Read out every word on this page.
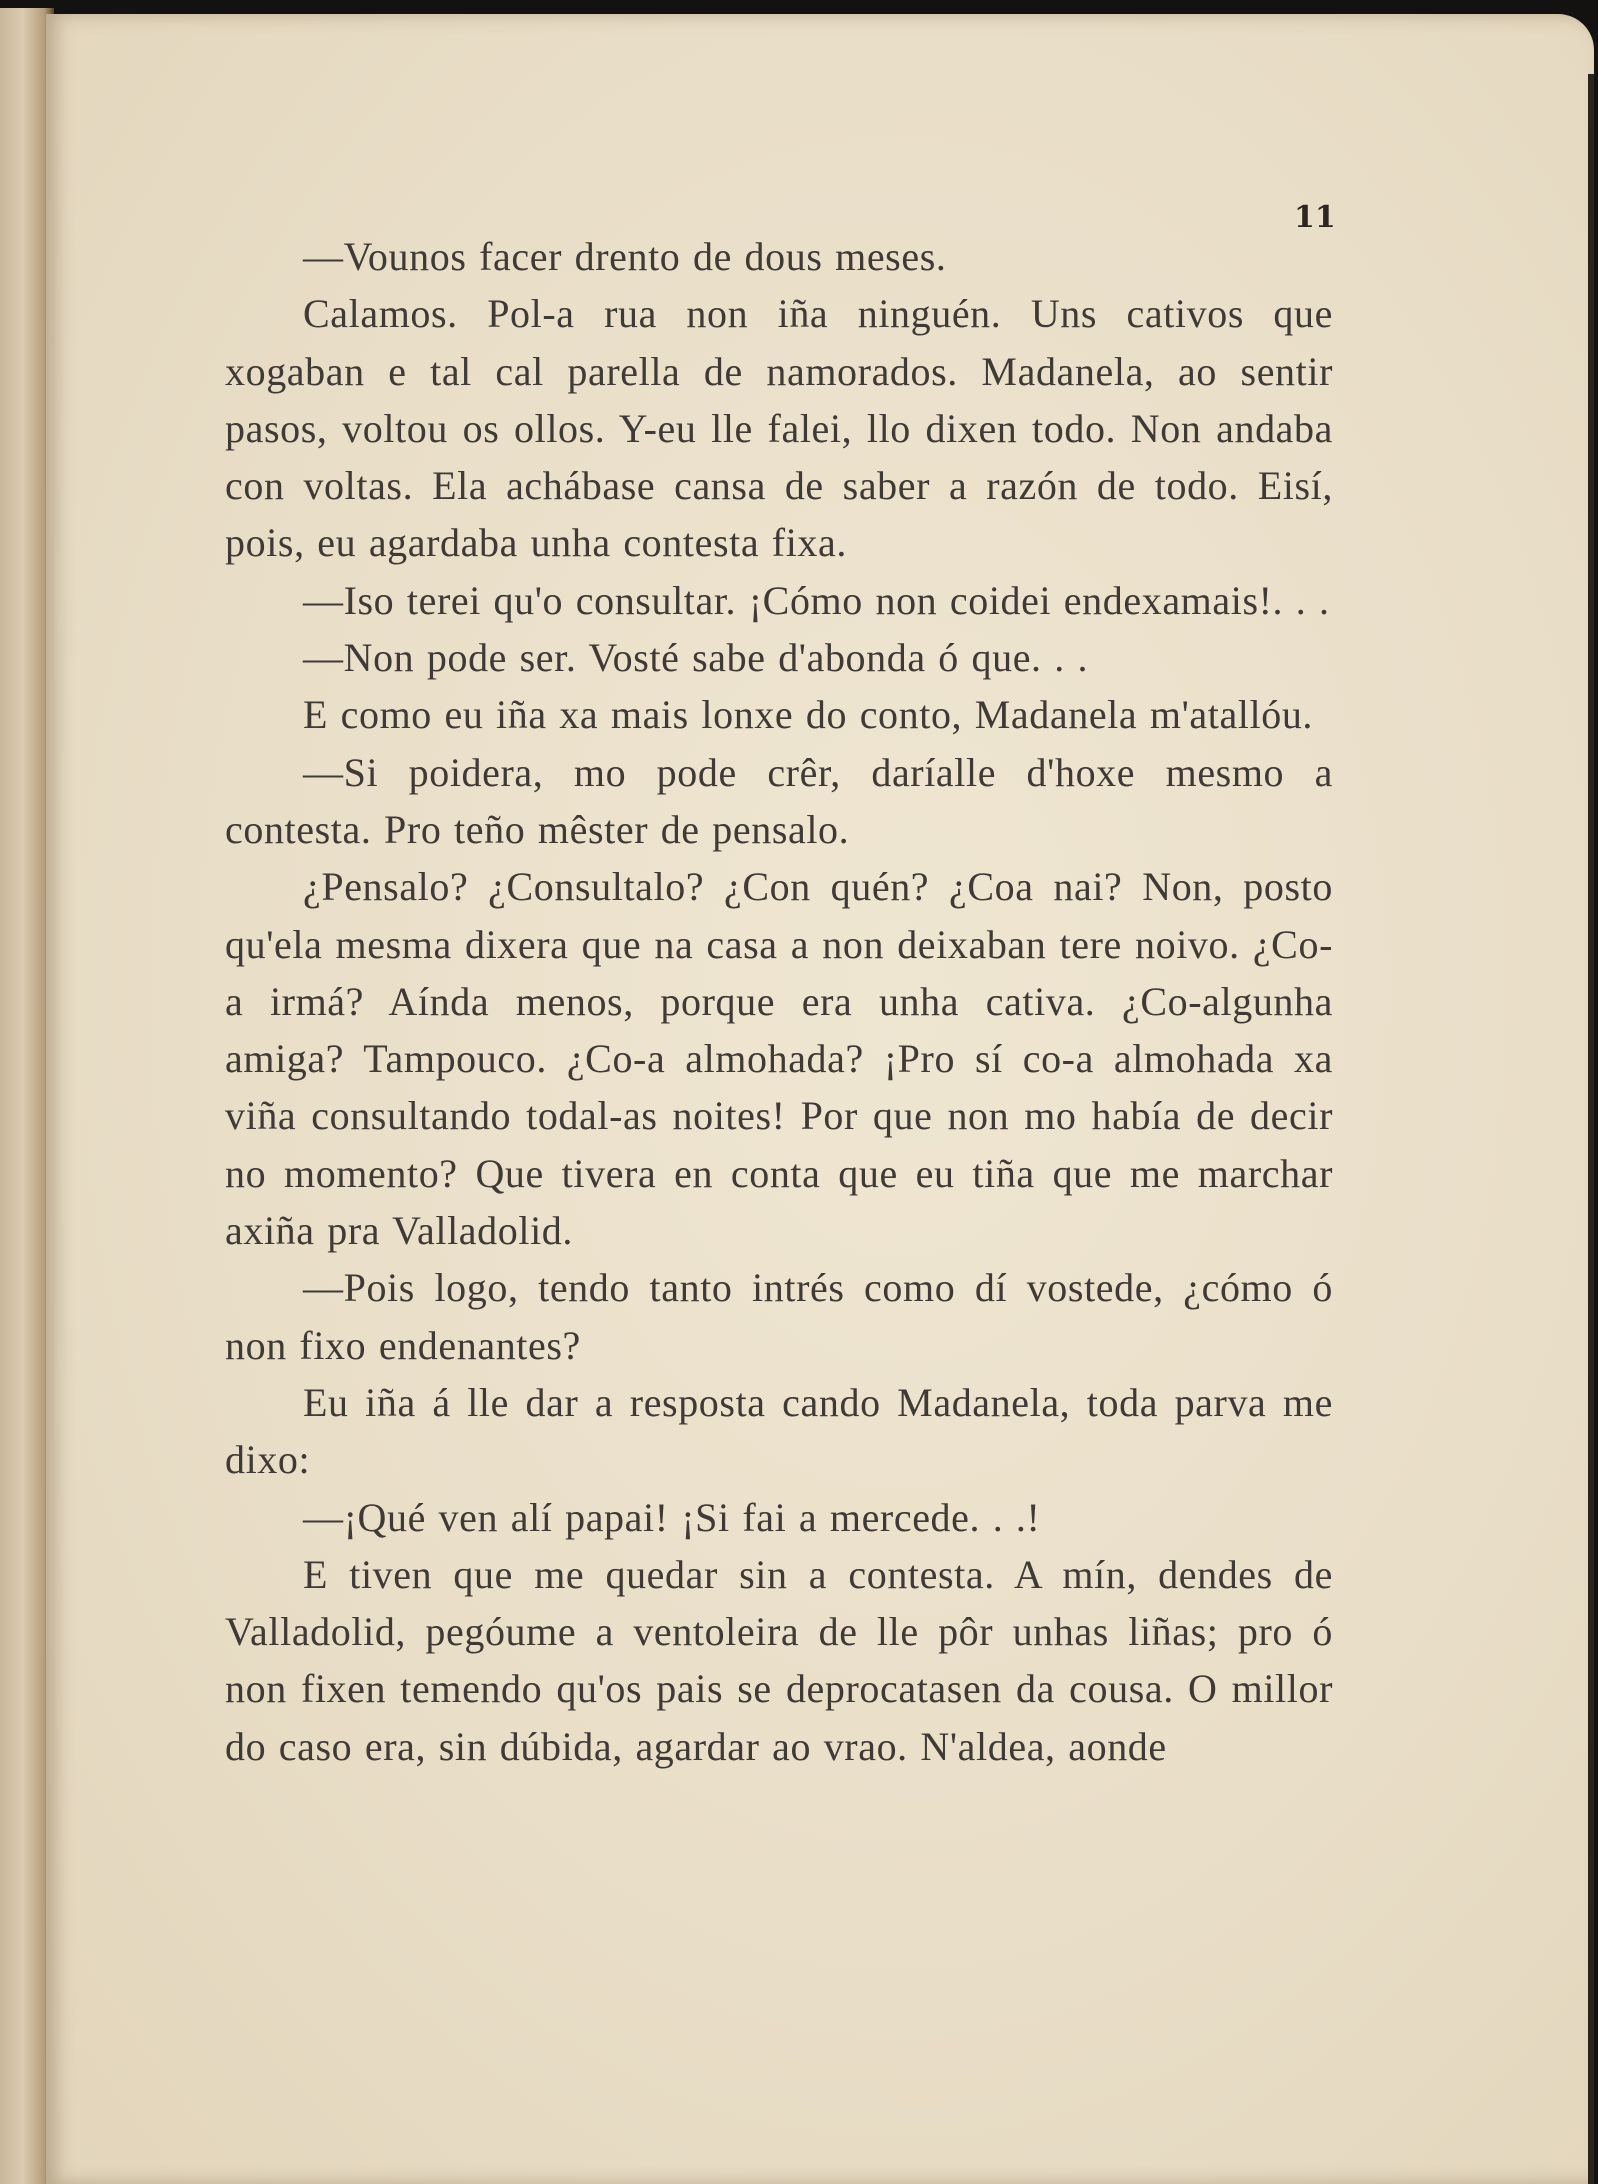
11

—Vounos facer drento de dous meses.

Calamos. Pol-a rua non iña ninguén. Uns cativos que xogaban e tal cal parella de namorados. Madanela, ao sentir pasos, voltou os ollos. Y-eu lle falei, llo dixen todo. Non andaba con voltas. Ela achábase cansa de saber a razón de todo. Eisí, pois, eu agardaba unha contesta fixa.

—Iso terei qu'o consultar. ¡Cómo non coidei endexamais!. . .

—Non pode ser. Vosté sabe d'abonda ó que. . .

E como eu iña xa mais lonxe do conto, Madanela m'atallóu.

—Si poidera, mo pode crêr, daríalle d'hoxe mesmo a contesta. Pro teño mêster de pensalo.

¿Pensalo? ¿Consultalo? ¿Con quén? ¿Coa nai? Non, posto qu'ela mesma dixera que na casa a non deixaban tere noivo. ¿Co-a irmá? Aínda menos, porque era unha cativa. ¿Co-algunha amiga? Tampouco. ¿Co-a almohada? ¡Pro sí co-a almohada xa viña consultando todal-as noites! Por que non mo había de decir no momento? Que tivera en conta que eu tiña que me marchar axiña pra Valladolid.

—Pois logo, tendo tanto intrés como dí vostede, ¿cómo ó non fixo endenantes?

Eu iña á lle dar a resposta cando Madanela, toda parva me dixo:

—¡Qué ven alí papai! ¡Si fai a mercede. . .!

E tiven que me quedar sin a contesta. A mín, dendes de Valladolid, pegóume a ventoleira de lle pôr unhas liñas; pro ó non fixen temendo qu'os pais se deprocatasen da cousa. O millor do caso era, sin dúbida, agardar ao vrao. N'aldea, aonde
